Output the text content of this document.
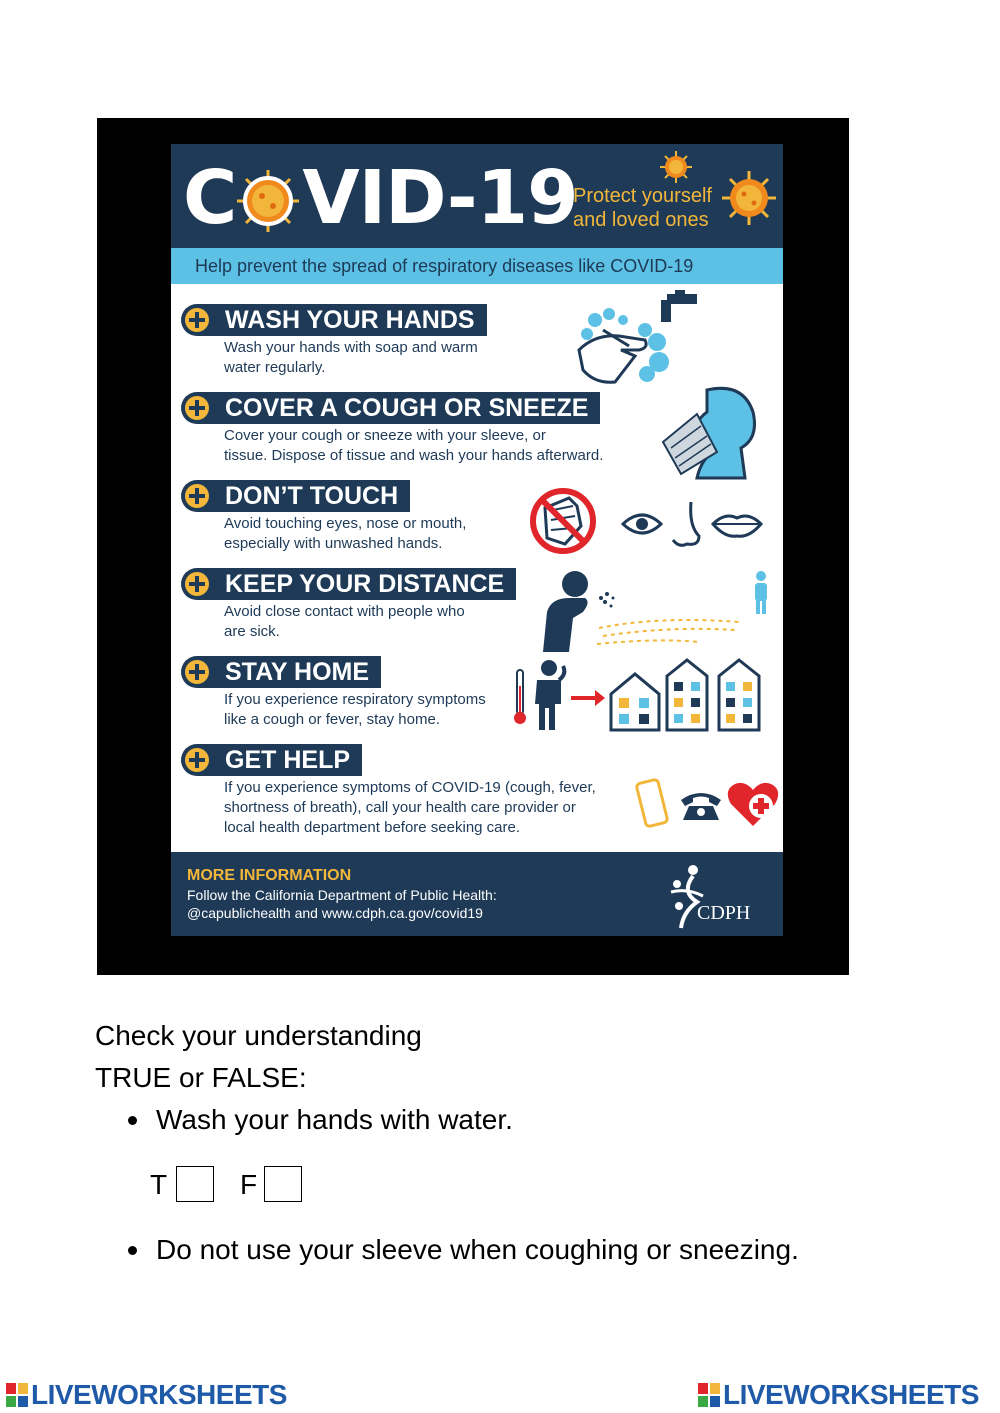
C VID-19
Protect yourself and loved ones
Help prevent the spread of respiratory diseases like COVID-19
WASH YOUR HANDS
Wash your hands with soap and warm
water regularly.
COVER A COUGH OR SNEEZE
Cover your cough or sneeze with your sleeve, or
tissue. Dispose of tissue and wash your hands afterward.
DON’T TOUCH
Avoid touching eyes, nose or mouth,
especially with unwashed hands.
KEEP YOUR DISTANCE
Avoid close contact with people who
are sick.
STAY HOME
If you experience respiratory symptoms
like a cough or fever, stay home.
GET HELP
If you experience symptoms of COVID-19 (cough, fever,
shortness of breath), call your health care provider or
local health department before seeking care.
MORE INFORMATION
Follow the California Department of Public Health:
@capublichealth and www.cdph.ca.gov/covid19	CDPH
Check your understanding
TRUE or FALSE:
Wash your hands with water.
T	F
Do not use your sleeve when coughing or sneezing.
LIVEWORKSHEETS	LIVEWORKSHEETS
